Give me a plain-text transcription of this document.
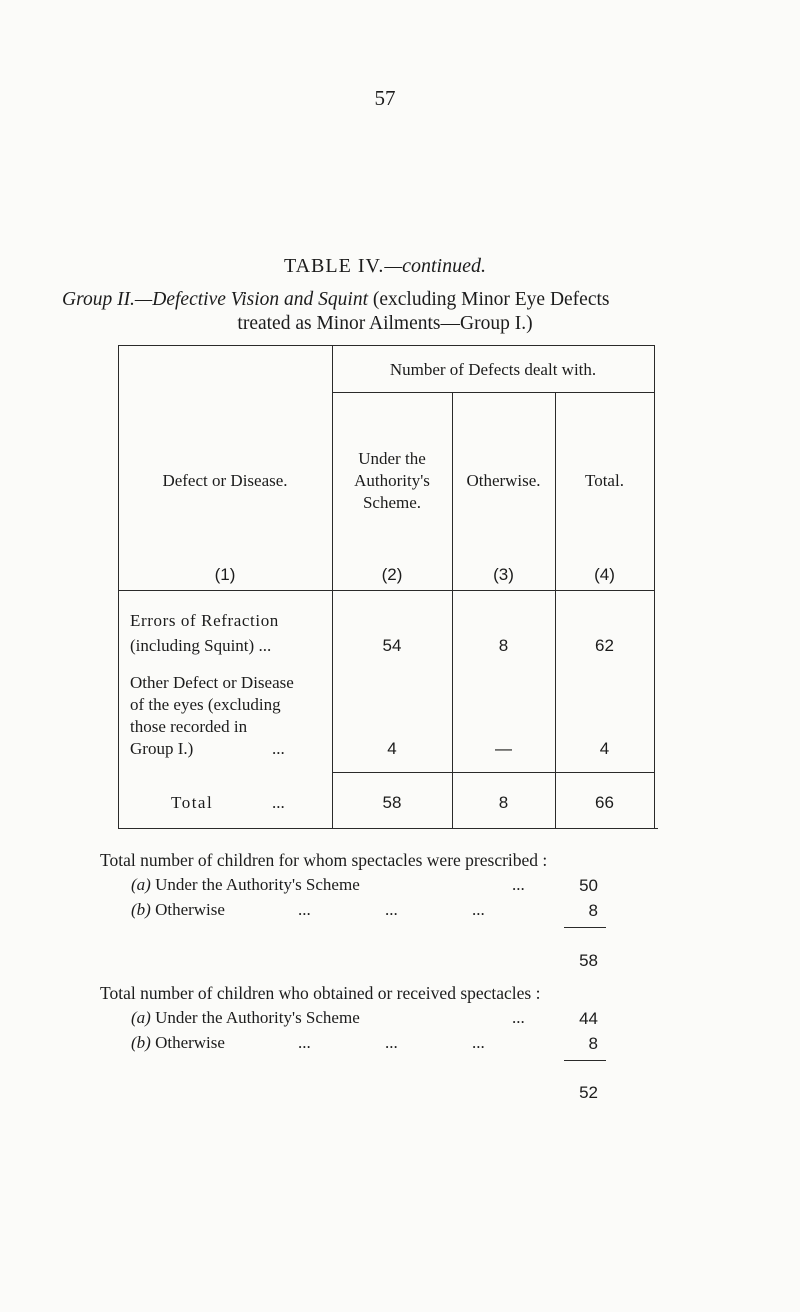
57
TABLE IV.—continued.
Group II.—Defective Vision and Squint (excluding Minor Eye Defects
treated as Minor Ailments—Group I.)
Number of Defects dealt with.
Defect or Disease.
Under the
Authority's
Scheme.
Otherwise.	Total.
(1)	(2)	(3)	(4)
Errors of Refraction
(including Squint) ...	54	8	62
Other Defect or Disease
of the eyes (excluding
those recorded in
Group I.)	...	4	—	4
Total	...	58	8	66
Total number of children for whom spectacles were prescribed :
(a) Under the Authority's Scheme	...	50
(b) Otherwise	... ... ...	8
58
Total number of children who obtained or received spectacles :
(a) Under the Authority's Scheme	...	44
(b) Otherwise	... ... ...	8
52
